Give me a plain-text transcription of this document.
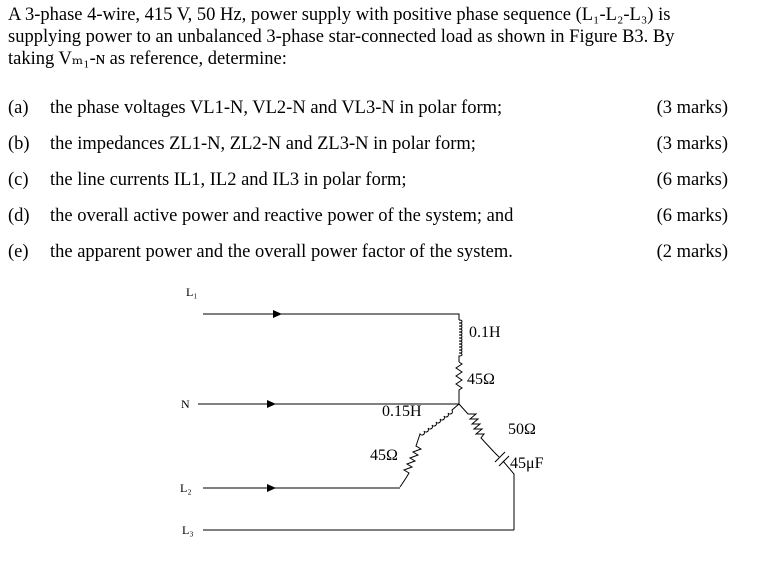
A 3-phase 4-wire, 415 V, 50 Hz, power supply with positive phase sequence (L₁-L₂-L₃) is
supplying power to an unbalanced 3-phase star-connected load as shown in Figure B3. By
taking Vₘ₁-ɴ as reference, determine:

(a) the phase voltages VL1-N, VL2-N and VL3-N in polar form;	(3 marks)
(b) the impedances ZL1-N, ZL2-N and ZL3-N in polar form;	(3 marks)
(c) the line currents IL1, IL2 and IL3 in polar form;	(6 marks)
(d) the overall active power and reactive power of the system; and	(6 marks)
(e) the apparent power and the overall power factor of the system.	(2 marks)
L₁
N
L₂
L₃
0.1H
45Ω
0.15H
45Ω
50Ω
45μF
